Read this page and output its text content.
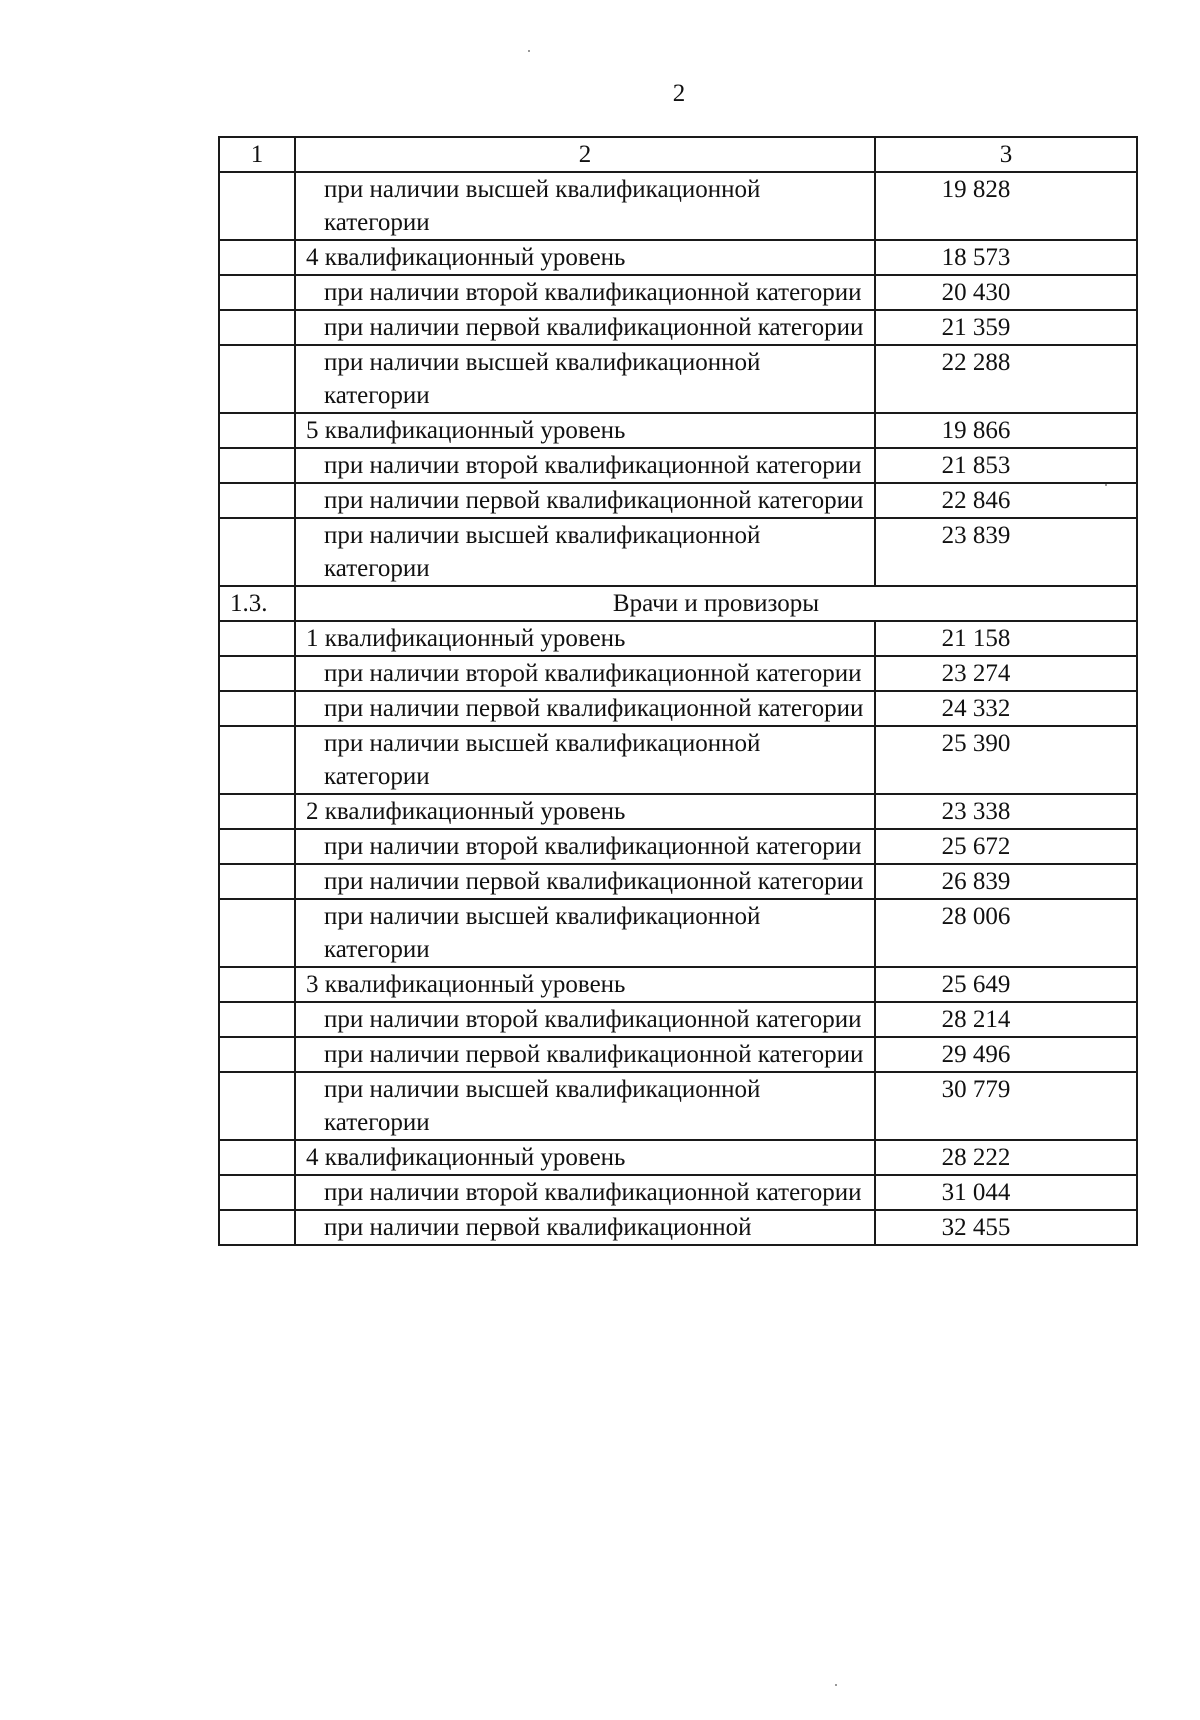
2
1	2	3
	при наличии высшей квалификационной категории	19 828
	4 квалификационный уровень	18 573
	при наличии второй квалификационной категории	20 430
	при наличии первой квалификационной категории	21 359
	при наличии высшей квалификационной категории	22 288
	5 квалификационный уровень	19 866
	при наличии второй квалификационной категории	21 853
	при наличии первой квалификационной категории	22 846
	при наличии высшей квалификационной категории	23 839
1.3.	Врачи и провизоры	
	1 квалификационный уровень	21 158
	при наличии второй квалификационной категории	23 274
	при наличии первой квалификационной категории	24 332
	при наличии высшей квалификационной категории	25 390
	2 квалификационный уровень	23 338
	при наличии второй квалификационной категории	25 672
	при наличии первой квалификационной категории	26 839
	при наличии высшей квалификационной категории	28 006
	3 квалификационный уровень	25 649
	при наличии второй квалификационной категории	28 214
	при наличии первой квалификационной категории	29 496
	при наличии высшей квалификационной категории	30 779
	4 квалификационный уровень	28 222
	при наличии второй квалификационной категории	31 044
	при наличии первой квалификационной	32 455
